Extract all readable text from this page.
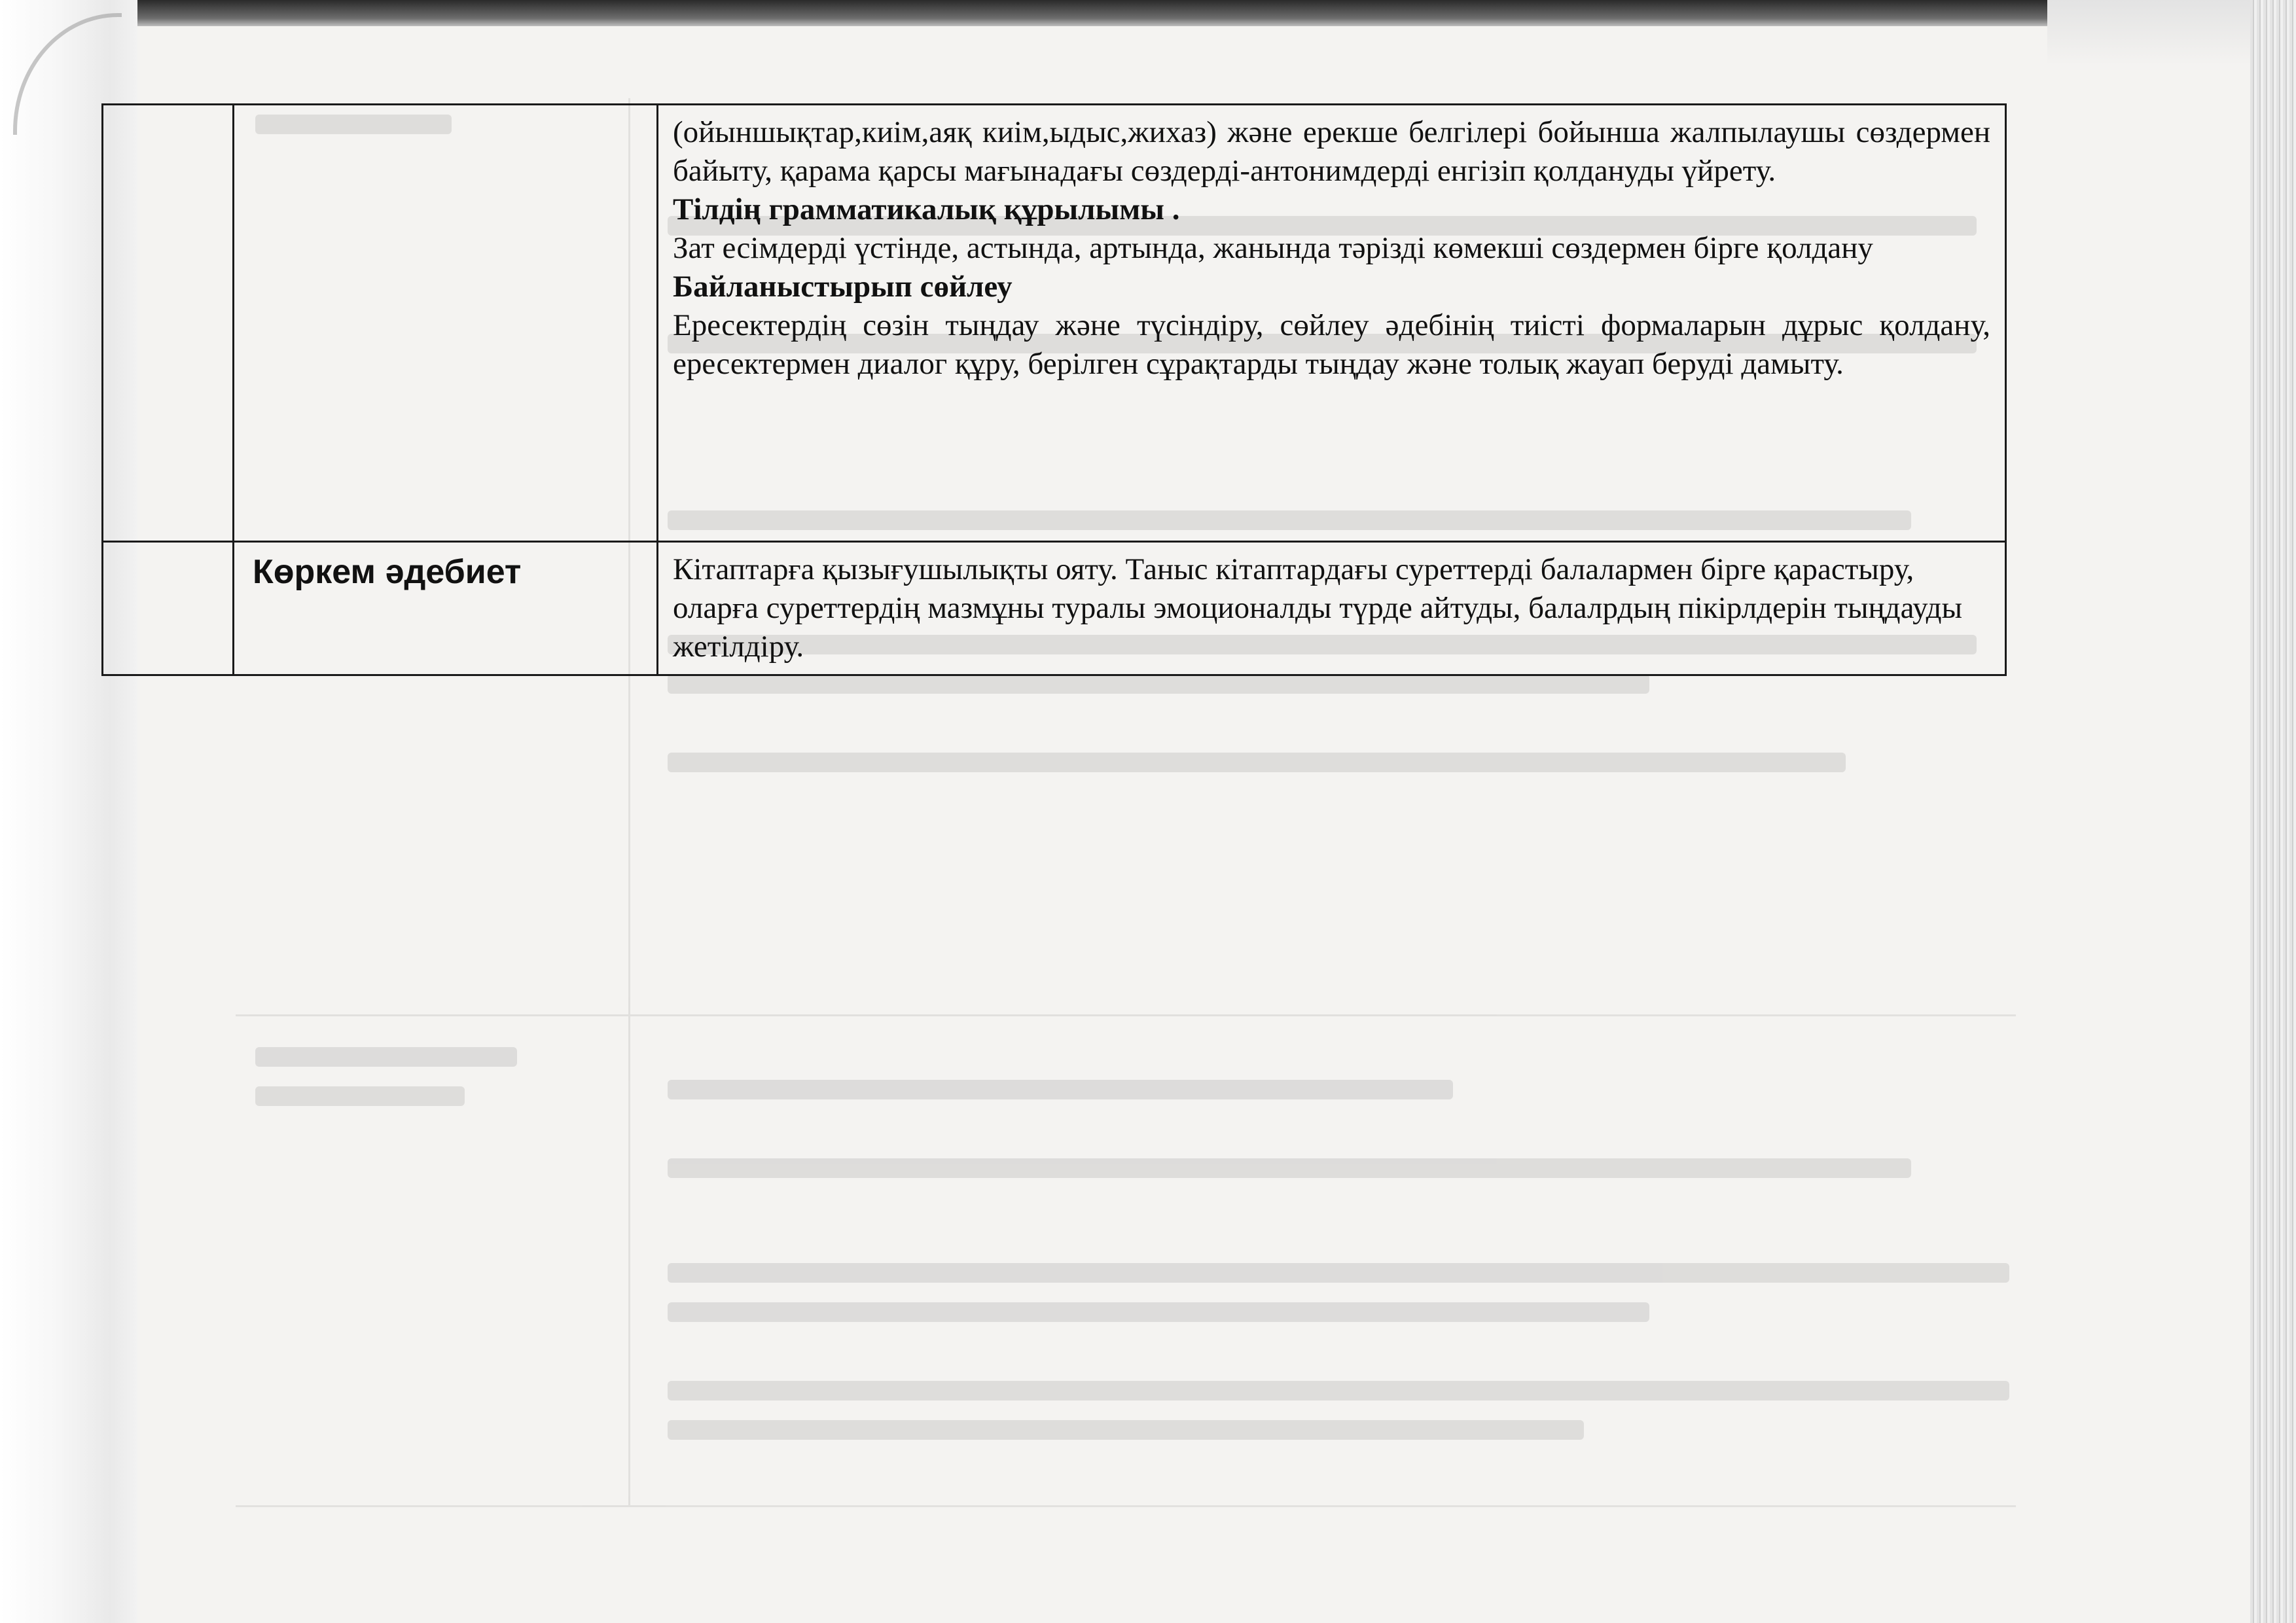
		(ойыншықтар,киім,аяқ киім,ыдыс,жихаз) және ерекше белгілері бойынша жалпылаушы сөздермен байыту, қарама қарсы мағынадағы сөздерді-антонимдерді енгізіп қолдануды үйрету.

Тілдің грамматикалық құрылымы .

Зат есімдерді үстінде, астында, артында, жанында тәрізді көмекші сөздермен бірге қолдану

Байланыстырып сөйлеу

Ересектердің сөзін тыңдау және түсіндіру, сөйлеу әдебінің тиісті формаларын дұрыс қолдану, ересектермен диалог құру, берілген сұрақтарды тыңдау және толық жауап беруді дамыту.

	Көркем әдебиет	Кітаптарға қызығушылықты ояту. Таныс кітаптардағы суреттерді балалармен бірге қарастыру, оларға суреттердің мазмұны туралы эмоционалды түрде айтуды, балалрдың пікірлдерін тыңдауды жетілдіру.
